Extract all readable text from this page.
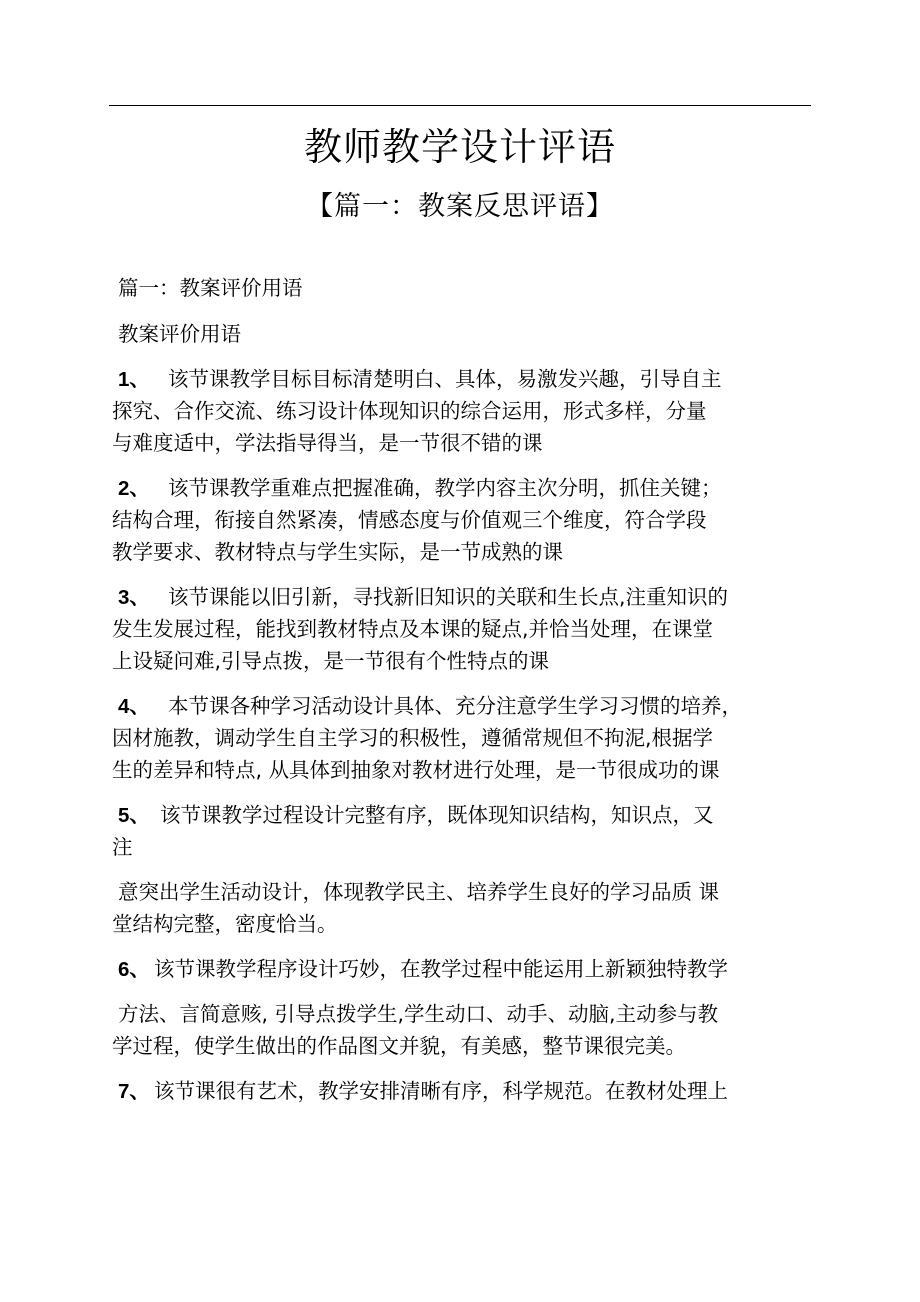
教师教学设计评语
【篇一：教案反思评语】
篇一：教案评价用语
教案评价用语
1、 该节课教学目标目标清楚明白、具体，易激发兴趣，引导自主
探究、合作交流、练习设计体现知识的综合运用，形式多样，分量
与难度适中，学法指导得当，是一节很不错的课
2、 该节课教学重难点把握准确，教学内容主次分明，抓住关键；
结构合理，衔接自然紧凑，情感态度与价值观三个维度，符合学段
教学要求、教材特点与学生实际，是一节成熟的课
3、 该节课能以旧引新，寻找新旧知识的关联和生长点,注重知识的
发生发展过程，能找到教材特点及本课的疑点,并恰当处理，在课堂
上设疑问难,引导点拨，是一节很有个性特点的课
4、 本节课各种学习活动设计具体、充分注意学生学习习惯的培养，
因材施教，调动学生自主学习的积极性，遵循常规但不拘泥,根据学
生的差异和特点, 从具体到抽象对教材进行处理，是一节很成功的课
5、 该节课教学过程设计完整有序，既体现知识结构，知识点，又
注
意突出学生活动设计，体现教学民主、培养学生良好的学习品质 课
堂结构完整，密度恰当。
6、 该节课教学程序设计巧妙，在教学过程中能运用上新颖独特教学
方法、言简意赅, 引导点拨学生,学生动口、动手、动脑,主动参与教
学过程，使学生做出的作品图文并貌，有美感，整节课很完美。
7、 该节课很有艺术，教学安排清晰有序，科学规范。在教材处理上
